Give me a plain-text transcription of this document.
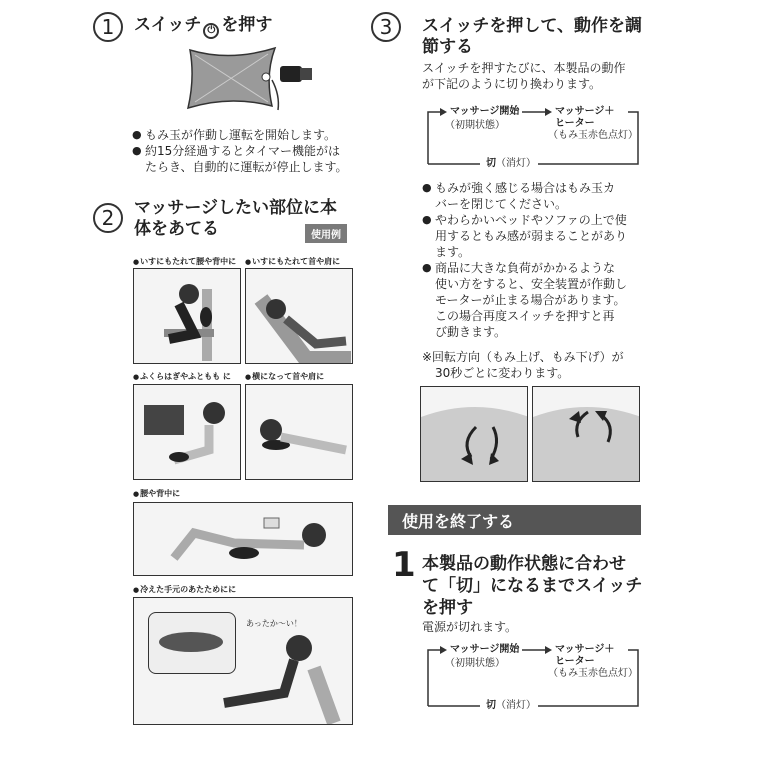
1	スイッチ ⏻ を押す
● もみ玉が作動し運転を開始します。
● 約15分経過するとタイマー機能がは
たらき、自動的に運転が停止します。
2	マッサージしたい部位に本
体をあてる	使用例
● いすにもたれて腰や背中に	● いすにもたれて首や肩に
● ふくらはぎやふともも に	● 横になって首や肩に
● 腰や背中に
● 冷えた手元のあたためにに
あったか〜い！
3	スイッチを押して、動作を調
節する
スイッチを押すたびに、本製品の動作
が下記のように切り換わります。
マッサージ開始
（初期状態）
マッサージ＋
ヒーター
（もみ玉赤色点灯）
切（消灯）
● もみが強く感じる場合はもみ玉カ
バーを閉じてください。
● やわらかいベッドやソファの上で使
用するともみ感が弱まることがあり
ます。
● 商品に大きな負荷がかかるような
使い方をすると、安全装置が作動し
モーターが止まる場合があります。
この場合再度スイッチを押すと再
び動きます。
※回転方向（もみ上げ、もみ下げ）が
30秒ごとに変わります。
使用を終了する
1 本製品の動作状態に合わせ
て「切」になるまでスイッチ
を押す
電源が切れます。
マッサージ開始
（初期状態）
マッサージ＋
ヒーター
（もみ玉赤色点灯）
切（消灯）
